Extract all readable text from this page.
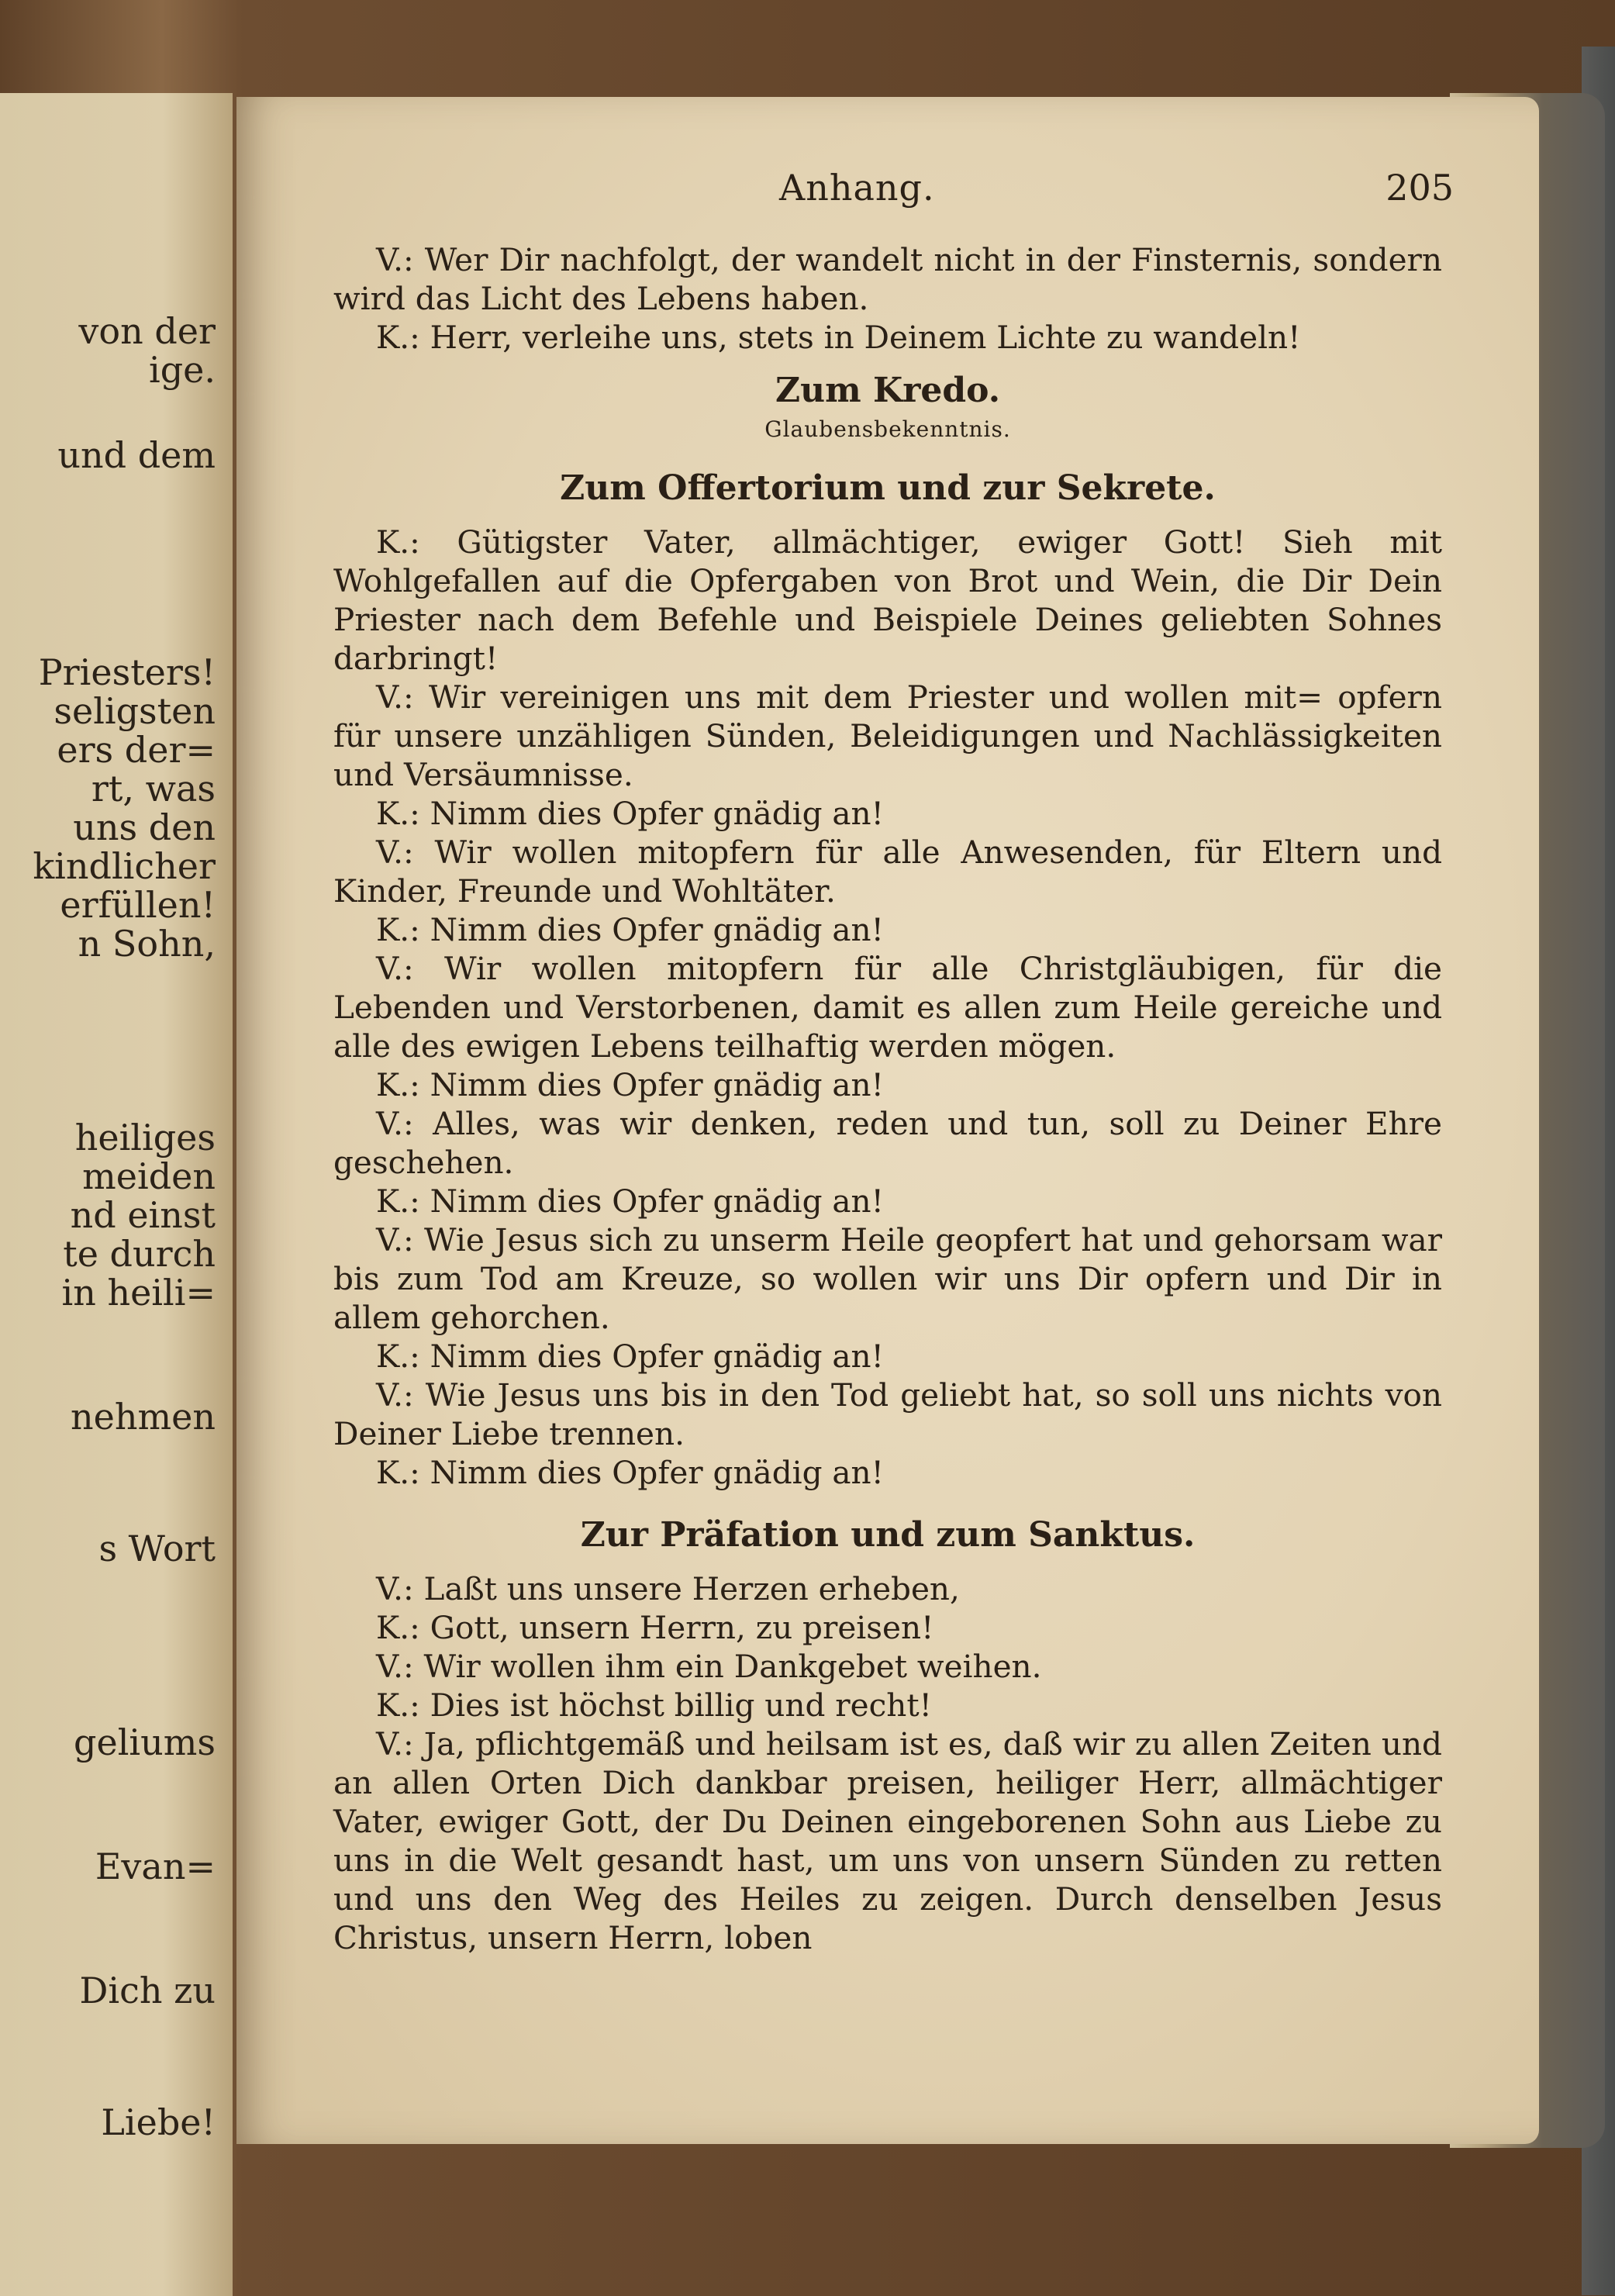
von der
ige.
und dem
Priesters!
seligsten
ers der=
rt, was
uns den
kindlicher
erfüllen!
n Sohn,
heiliges
meiden
nd einst
te durch
in heili=
nehmen
s Wort
geliums
Evan=
Dich zu
Liebe!
Anhang.	205

V.: Wer Dir nachfolgt, der wandelt nicht in der Finsternis, sondern wird das Licht des Lebens haben.

K.: Herr, verleihe uns, stets in Deinem Lichte zu wandeln!

Zum Kredo.
Glaubensbekenntnis.
Zum Offertorium und zur Sekrete.

K.: Gütigster Vater, allmächtiger, ewiger Gott! Sieh mit Wohlgefallen auf die Opfergaben von Brot und Wein, die Dir Dein Priester nach dem Befehle und Beispiele Deines geliebten Sohnes darbringt!

V.: Wir vereinigen uns mit dem Priester und wollen mit= opfern für unsere unzähligen Sünden, Beleidigungen und Nachlässigkeiten und Versäumnisse.

K.: Nimm dies Opfer gnädig an!

V.: Wir wollen mitopfern für alle Anwesenden, für Eltern und Kinder, Freunde und Wohltäter.

K.: Nimm dies Opfer gnädig an!

V.: Wir wollen mitopfern für alle Christgläubigen, für die Lebenden und Verstorbenen, damit es allen zum Heile gereiche und alle des ewigen Lebens teilhaftig werden mögen.

K.: Nimm dies Opfer gnädig an!

V.: Alles, was wir denken, reden und tun, soll zu Deiner Ehre geschehen.

K.: Nimm dies Opfer gnädig an!

V.: Wie Jesus sich zu unserm Heile geopfert hat und gehorsam war bis zum Tod am Kreuze, so wollen wir uns Dir opfern und Dir in allem gehorchen.

K.: Nimm dies Opfer gnädig an!

V.: Wie Jesus uns bis in den Tod geliebt hat, so soll uns nichts von Deiner Liebe trennen.

K.: Nimm dies Opfer gnädig an!

Zur Präfation und zum Sanktus.

V.: Laßt uns unsere Herzen erheben,

K.: Gott, unsern Herrn, zu preisen!

V.: Wir wollen ihm ein Dankgebet weihen.

K.: Dies ist höchst billig und recht!

V.: Ja, pflichtgemäß und heilsam ist es, daß wir zu allen Zeiten und an allen Orten Dich dankbar preisen, heiliger Herr, allmächtiger Vater, ewiger Gott, der Du Deinen eingeborenen Sohn aus Liebe zu uns in die Welt gesandt hast, um uns von unsern Sünden zu retten und uns den Weg des Heiles zu zeigen. Durch denselben Jesus Christus, unsern Herrn, loben
